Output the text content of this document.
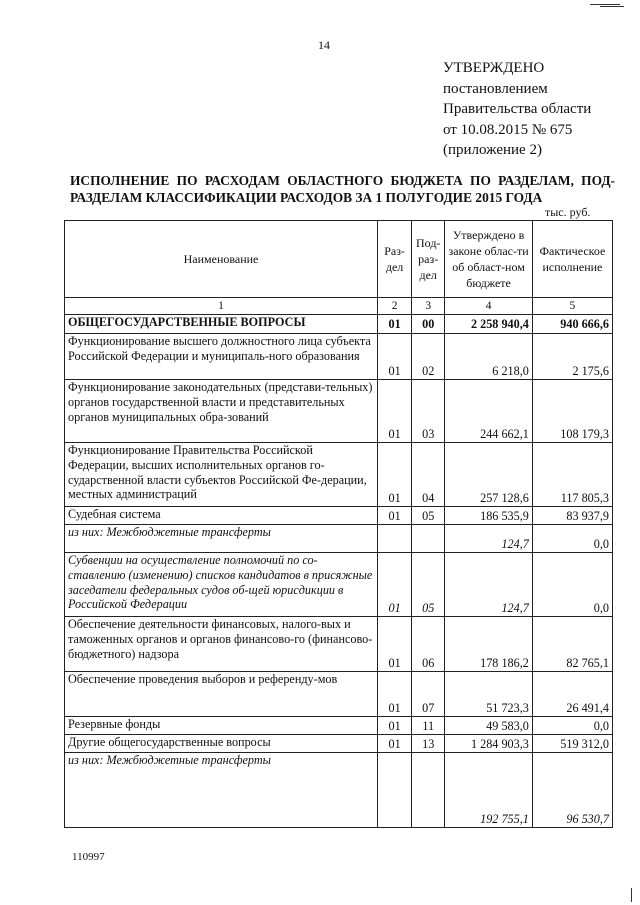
14
УТВЕРЖДЕНО
постановлением
Правительства области
от 10.08.2015 № 675
(приложение 2)
ИСПОЛНЕНИЕ ПО РАСХОДАМ ОБЛАСТНОГО БЮДЖЕТА ПО РАЗДЕЛАМ, ПОД-РАЗДЕЛАМ КЛАССИФИКАЦИИ РАСХОДОВ ЗА 1 ПОЛУГОДИЕ 2015 ГОДА
тыс. руб.
Наименование	Раз-дел	Под-раз-дел	Утверждено в законе облас-ти об област-ном бюджете	Фактическое исполнение
1	2	3	4	5
ОБЩЕГОСУДАРСТВЕННЫЕ ВОПРОСЫ	01	00	2 258 940,4	940 666,6
Функционирование высшего должностного лица субъекта Российской Федерации и муниципаль-ного образования	01	02	6 218,0	2 175,6
Функционирование законодательных (представи-тельных) органов государственной власти и представительных органов муниципальных обра-зований	01	03	244 662,1	108 179,3
Функционирование Правительства Российской Федерации, высших исполнительных органов го-сударственной власти субъектов Российской Фе-дерации, местных администраций	01	04	257 128,6	117 805,3
Судебная система	01	05	186 535,9	83 937,9
из них: Межбюджетные трансферты			124,7	0,0
Субвенции на осуществление полномочий по со-ставлению (изменению) списков кандидатов в присяжные заседатели федеральных судов об-щей юрисдикции в Российской Федерации	01	05	124,7	0,0
Обеспечение деятельности финансовых, налого-вых и таможенных органов и органов финансово-го (финансово-бюджетного) надзора	01	06	178 186,2	82 765,1
Обеспечение проведения выборов и референду-мов	01	07	51 723,3	26 491,4
Резервные фонды	01	11	49 583,0	0,0
Другие общегосударственные вопросы	01	13	1 284 903,3	519 312,0
из них: Межбюджетные трансферты			192 755,1	96 530,7
110997
